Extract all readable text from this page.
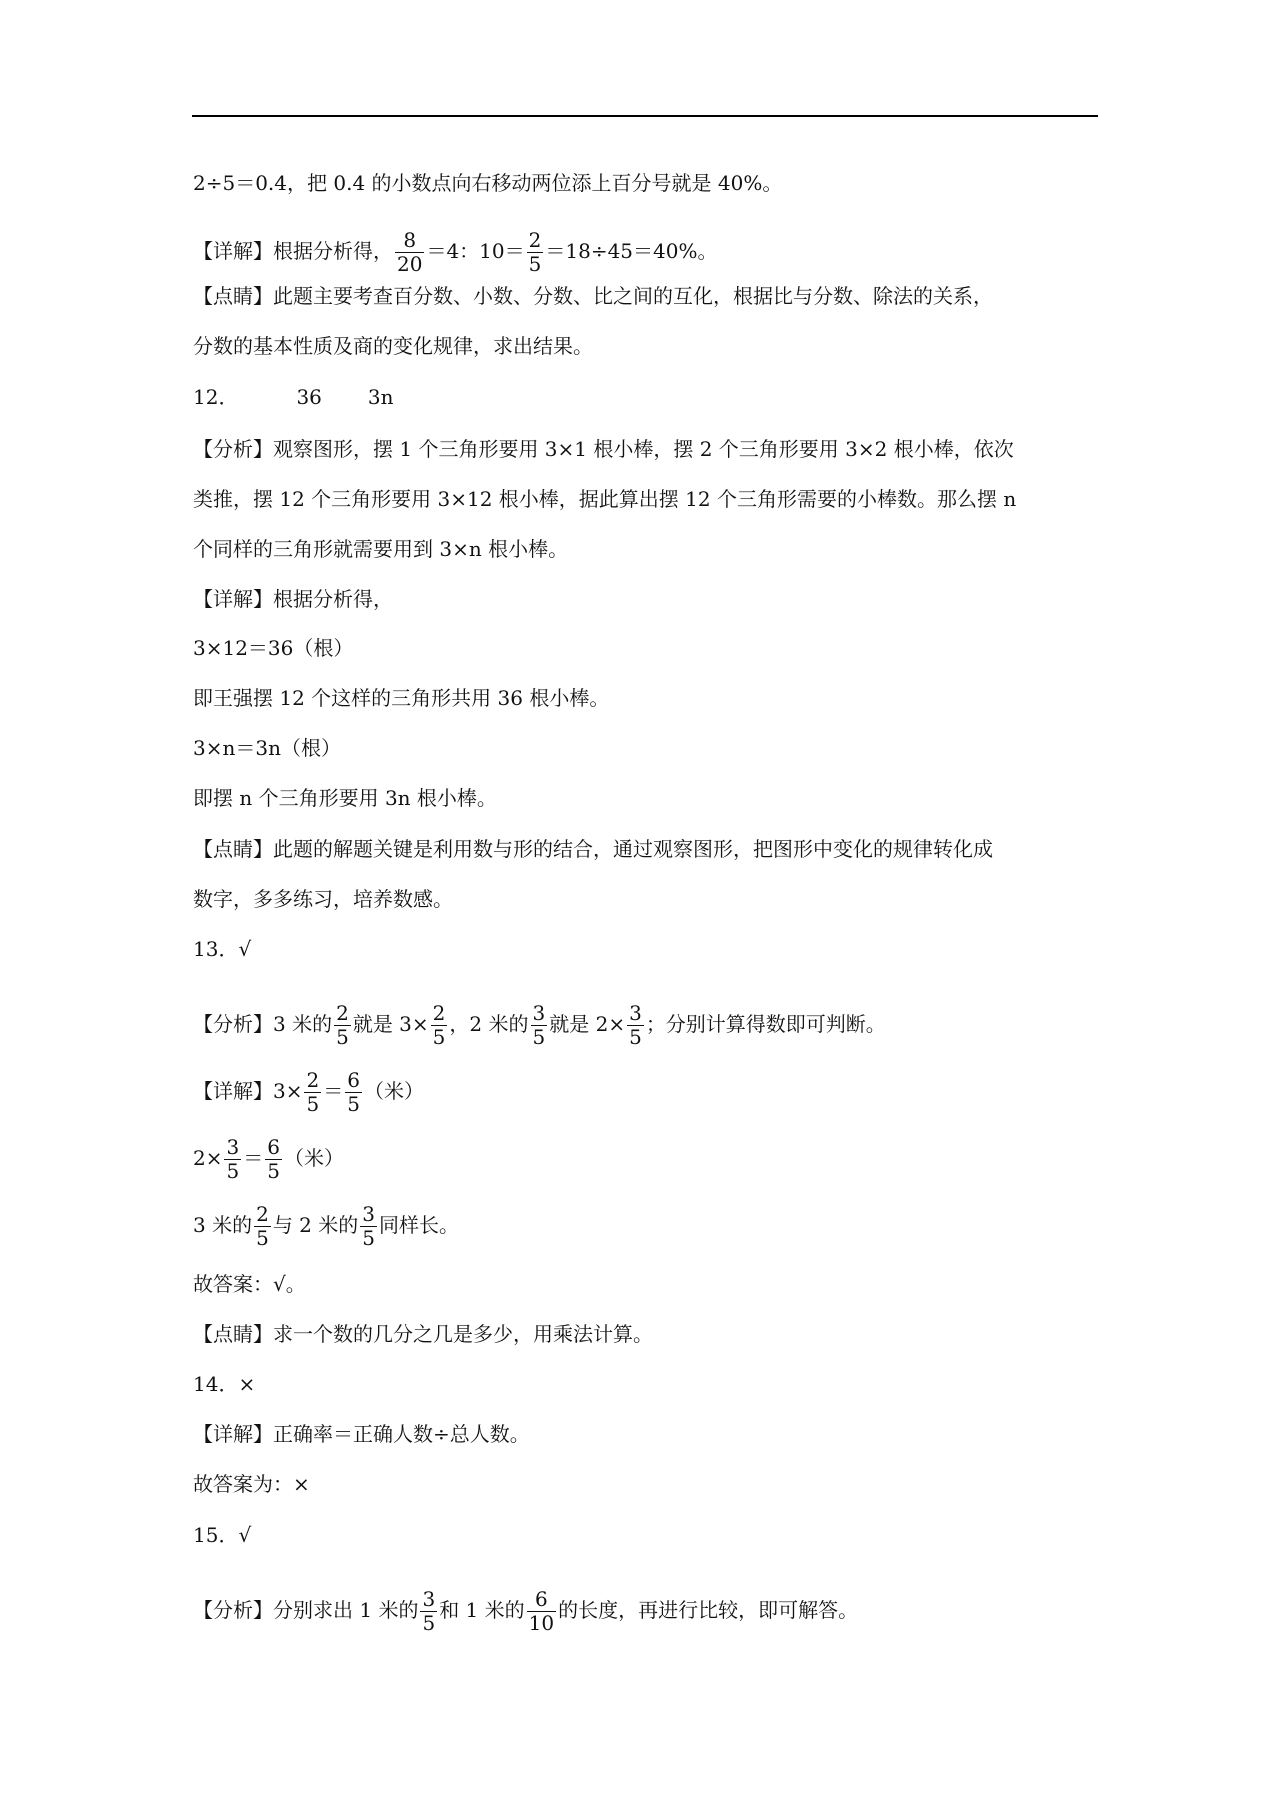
2÷5＝0.4，把 0.4 的小数点向右移动两位添上百分号就是 40%。
【详解】根据分析得， $\frac{8}{20} =4$：$10= \frac{2}{5} =18\div 45=40\%$。
【点睛】此题主要考查百分数、小数、分数、比之间的互化，根据比与分数、除法的关系，
分数的基本性质及商的变化规律，求出结果。
12．	36 3n
【分析】观察图形，摆 1 个三角形要用 3×1 根小棒，摆 2 个三角形要用 3×2 根小棒，依次
类推，摆 12 个三角形要用 3×12 根小棒，据此算出摆 12 个三角形需要的小棒数。那么摆 n
个同样的三角形就需要用到 3×n 根小棒。
【详解】根据分析得，
3×12＝36（根）
即王强摆 12 个这样的三角形共用 36 根小棒。
3×n＝3n（根）
即摆 n 个三角形要用 3n 根小棒。
【点睛】此题的解题关键是利用数与形的结合，通过观察图形，把图形中变化的规律转化成
数字，多多练习，培养数感。
13．√
【分析】3 米的 $\frac{2}{5}$ 就是 $3\times \frac{2}{5}$ ，2 米的 $\frac{3}{5}$ 就是 $2\times \frac{3}{5}$ ；分别计算得数即可判断。
【详解】$3\times \frac{2}{5} = \frac{6}{5}$ （米）
$2\times \frac{3}{5} = \frac{6}{5}$ （米）
3 米的 $\frac{2}{5}$ 与 2 米的 $\frac{3}{5}$ 同样长。
故答案：√。
【点睛】求一个数的几分之几是多少，用乘法计算。
14．×
【详解】正确率＝正确人数÷总人数。
故答案为：×
15．√
【分析】分别求出 1 米的 $\frac{3}{5}$ 和 1 米的 $\frac{6}{10}$ 的长度，再进行比较，即可解答。
